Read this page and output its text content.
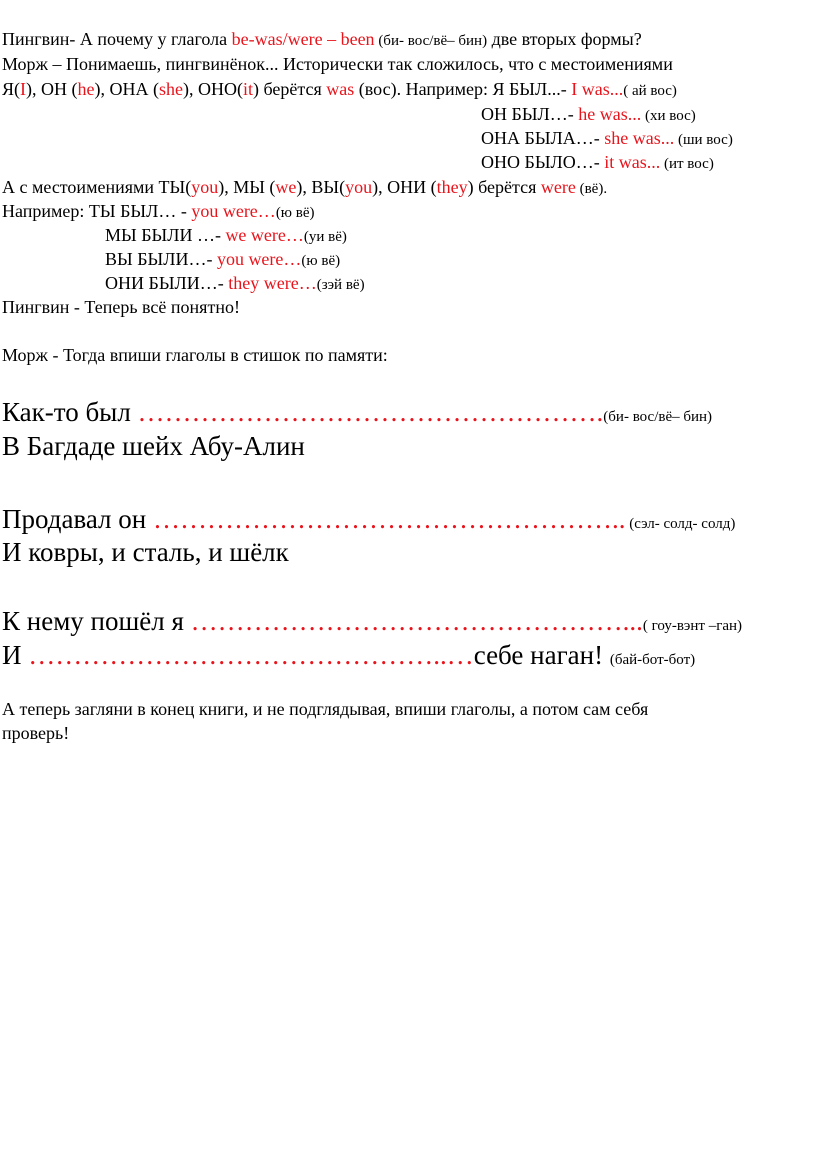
Пингвин- А почему у глагола be-was/were – been (би- вос/вё– бин) две вторых формы?
Морж – Понимаешь, пингвинёнок... Исторически так сложилось, что с местоимениями
Я(I), ОН (he), ОНА (she), ОНО(it) берётся was (вос). Например: Я БЫЛ...- I was...( ай вос)
ОН БЫЛ…- he was... (хи вос)
ОНА БЫЛА…- she was... (ши вос)
ОНО БЫЛО…- it was... (ит вос)
А с местоимениями ТЫ(you), МЫ (we), ВЫ(you), ОНИ (they) берётся were (вё).
Например: ТЫ БЫЛ… - you were…(ю вё)
МЫ БЫЛИ …- we were…(уи вё)
ВЫ БЫЛИ…- you were…(ю вё)
ОНИ БЫЛИ…- they were…(зэй вё)
Пингвин - Теперь всё понятно!
Морж - Тогда впиши глаголы в стишок по памяти:
Как-то был …………………………………………….(би- вос/вё– бин)
В Багдаде шейх Абу-Алин
Продавал он …………………………………………….. (сэл- солд- солд)
И ковры, и сталь, и шёлк
К нему пошёл я …………………………………………...( гоу-вэнт –ган)
И ………………………………………..…себе наган! (бай-бот-бот)
А теперь загляни в конец книги, и не подглядывая, впиши глаголы, а потом сам себя
проверь!
